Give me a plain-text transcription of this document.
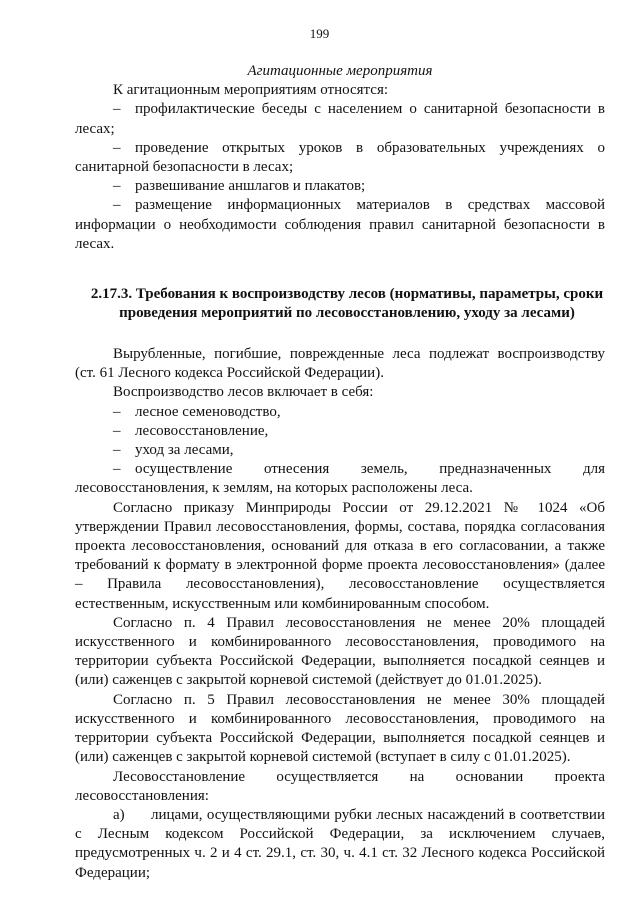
199

Агитационные мероприятия

К агитационным мероприятиям относятся:

– профилактические беседы с населением о санитарной безопасности в лесах;

– проведение открытых уроков в образовательных учреждениях о санитарной безопасности в лесах;

– развешивание аншлагов и плакатов;

– размещение информационных материалов в средствах массовой информации о необходимости соблюдения правил санитарной безопасности в лесах.

2.17.3. Требования к воспроизводству лесов (нормативы, параметры, сроки проведения мероприятий по лесовосстановлению, уходу за лесами)

Вырубленные, погибшие, поврежденные леса подлежат воспроизводству (ст. 61 Лесного кодекса Российской Федерации).

Воспроизводство лесов включает в себя:

– лесное семеноводство,

– лесовосстановление,

– уход за лесами,

– осуществление отнесения земель, предназначенных для лесовосстановления, к землям, на которых расположены леса.

Согласно приказу Минприроды России от 29.12.2021 № 1024 «Об утверждении Правил лесовосстановления, формы, состава, порядка согласования проекта лесовосстановления, оснований для отказа в его согласовании, а также требований к формату в электронной форме проекта лесовосстановления» (далее – Правила лесовосстановления), лесовосстановление осуществляется естественным, искусственным или комбинированным способом.

Согласно п. 4 Правил лесовосстановления не менее 20% площадей искусственного и комбинированного лесовосстановления, проводимого на территории субъекта Российской Федерации, выполняется посадкой сеянцев и (или) саженцев с закрытой корневой системой (действует до 01.01.2025).

Согласно п. 5 Правил лесовосстановления не менее 30% площадей искусственного и комбинированного лесовосстановления, проводимого на территории субъекта Российской Федерации, выполняется посадкой сеянцев и (или) саженцев с закрытой корневой системой (вступает в силу с 01.01.2025).

Лесовосстановление осуществляется на основании проекта лесовосстановления:

а) лицами, осуществляющими рубки лесных насаждений в соответствии с Лесным кодексом Российской Федерации, за исключением случаев, предусмотренных ч. 2 и 4 ст. 29.1, ст. 30, ч. 4.1 ст. 32 Лесного кодекса Российской Федерации;
